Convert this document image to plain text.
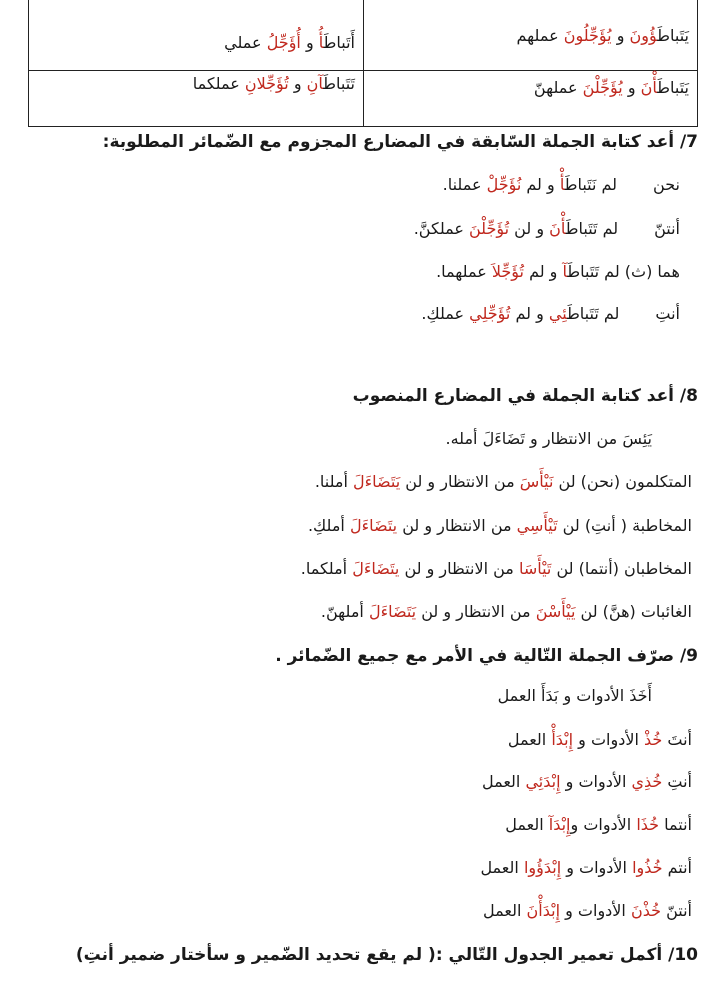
يَتَباطَؤُونَ و يُؤَجِّلُونَ عملهم
أَتَباطَأُ و أُؤَجِّلُ عملي
يَتَباطَأْنَ و يُؤَجِّلْنَ عملهنّ
تَتَباطَآنِ و تُؤَجِّلانِ عملكما
7/ أعد كتابة الجملة السّابقة في المضارع المجزوم مع الضّمائر المطلوبة:
نحنلم نَتَباطَأْ و لم نُؤَجِّلْ عملنا.
أنتنّلم تَتَباطَأْنَ و لن تُؤَجِّلْنَ عملكنَّ.
هما (ث) لم تَتَباطَآ و لم تُؤَجِّلاَ عملهما.
أنتِلم تَتَباطَئِي و لم تُؤَجِّلِي عملكِ.
8/ أعد كتابة الجملة في المضارع المنصوب
يَئِسَ من الانتظار و تَضَاءَلَ أمله.
المتكلمون (نحن) لن نَيْأَسَ من الانتظار و لن يَتَضَاءَلَ أملنا.
المخاطبة ( أنتِ) لن تَيْأَسِي من الانتظار و لن يتَضَاءَلَ أملكِ.
المخاطبان (أنتما) لن تَيْأَسَا من الانتظار و لن يتَضَاءَلَ أملكما.
الغائبات (هنَّ) لن يَيْأَسْنَ من الانتظار و لن يَتَضَاءَلَ أملهنّ.
9/ صرّف الجملة التّالية في الأمر مع جميع الضّمائر .
أَخَذَ الأدوات و بَدَأَ العمل
أنتَ خُذْ الأدوات و إِبْدَأْ العمل
أنتِ خُذِي الأدوات و إِبْدَئِي العمل
أنتما خُذَا الأدوات وإِبْدَآ العمل
أنتم خُذُوا الأدوات و إِبْدَؤُوا العمل
أنتنّ خُذْنَ الأدوات و إِبْدَأْنَ العمل
10/ أكمل تعمير الجدول التّالي :( لم يقع تحديد الضّمير و سأختار ضمير أنتِ)
